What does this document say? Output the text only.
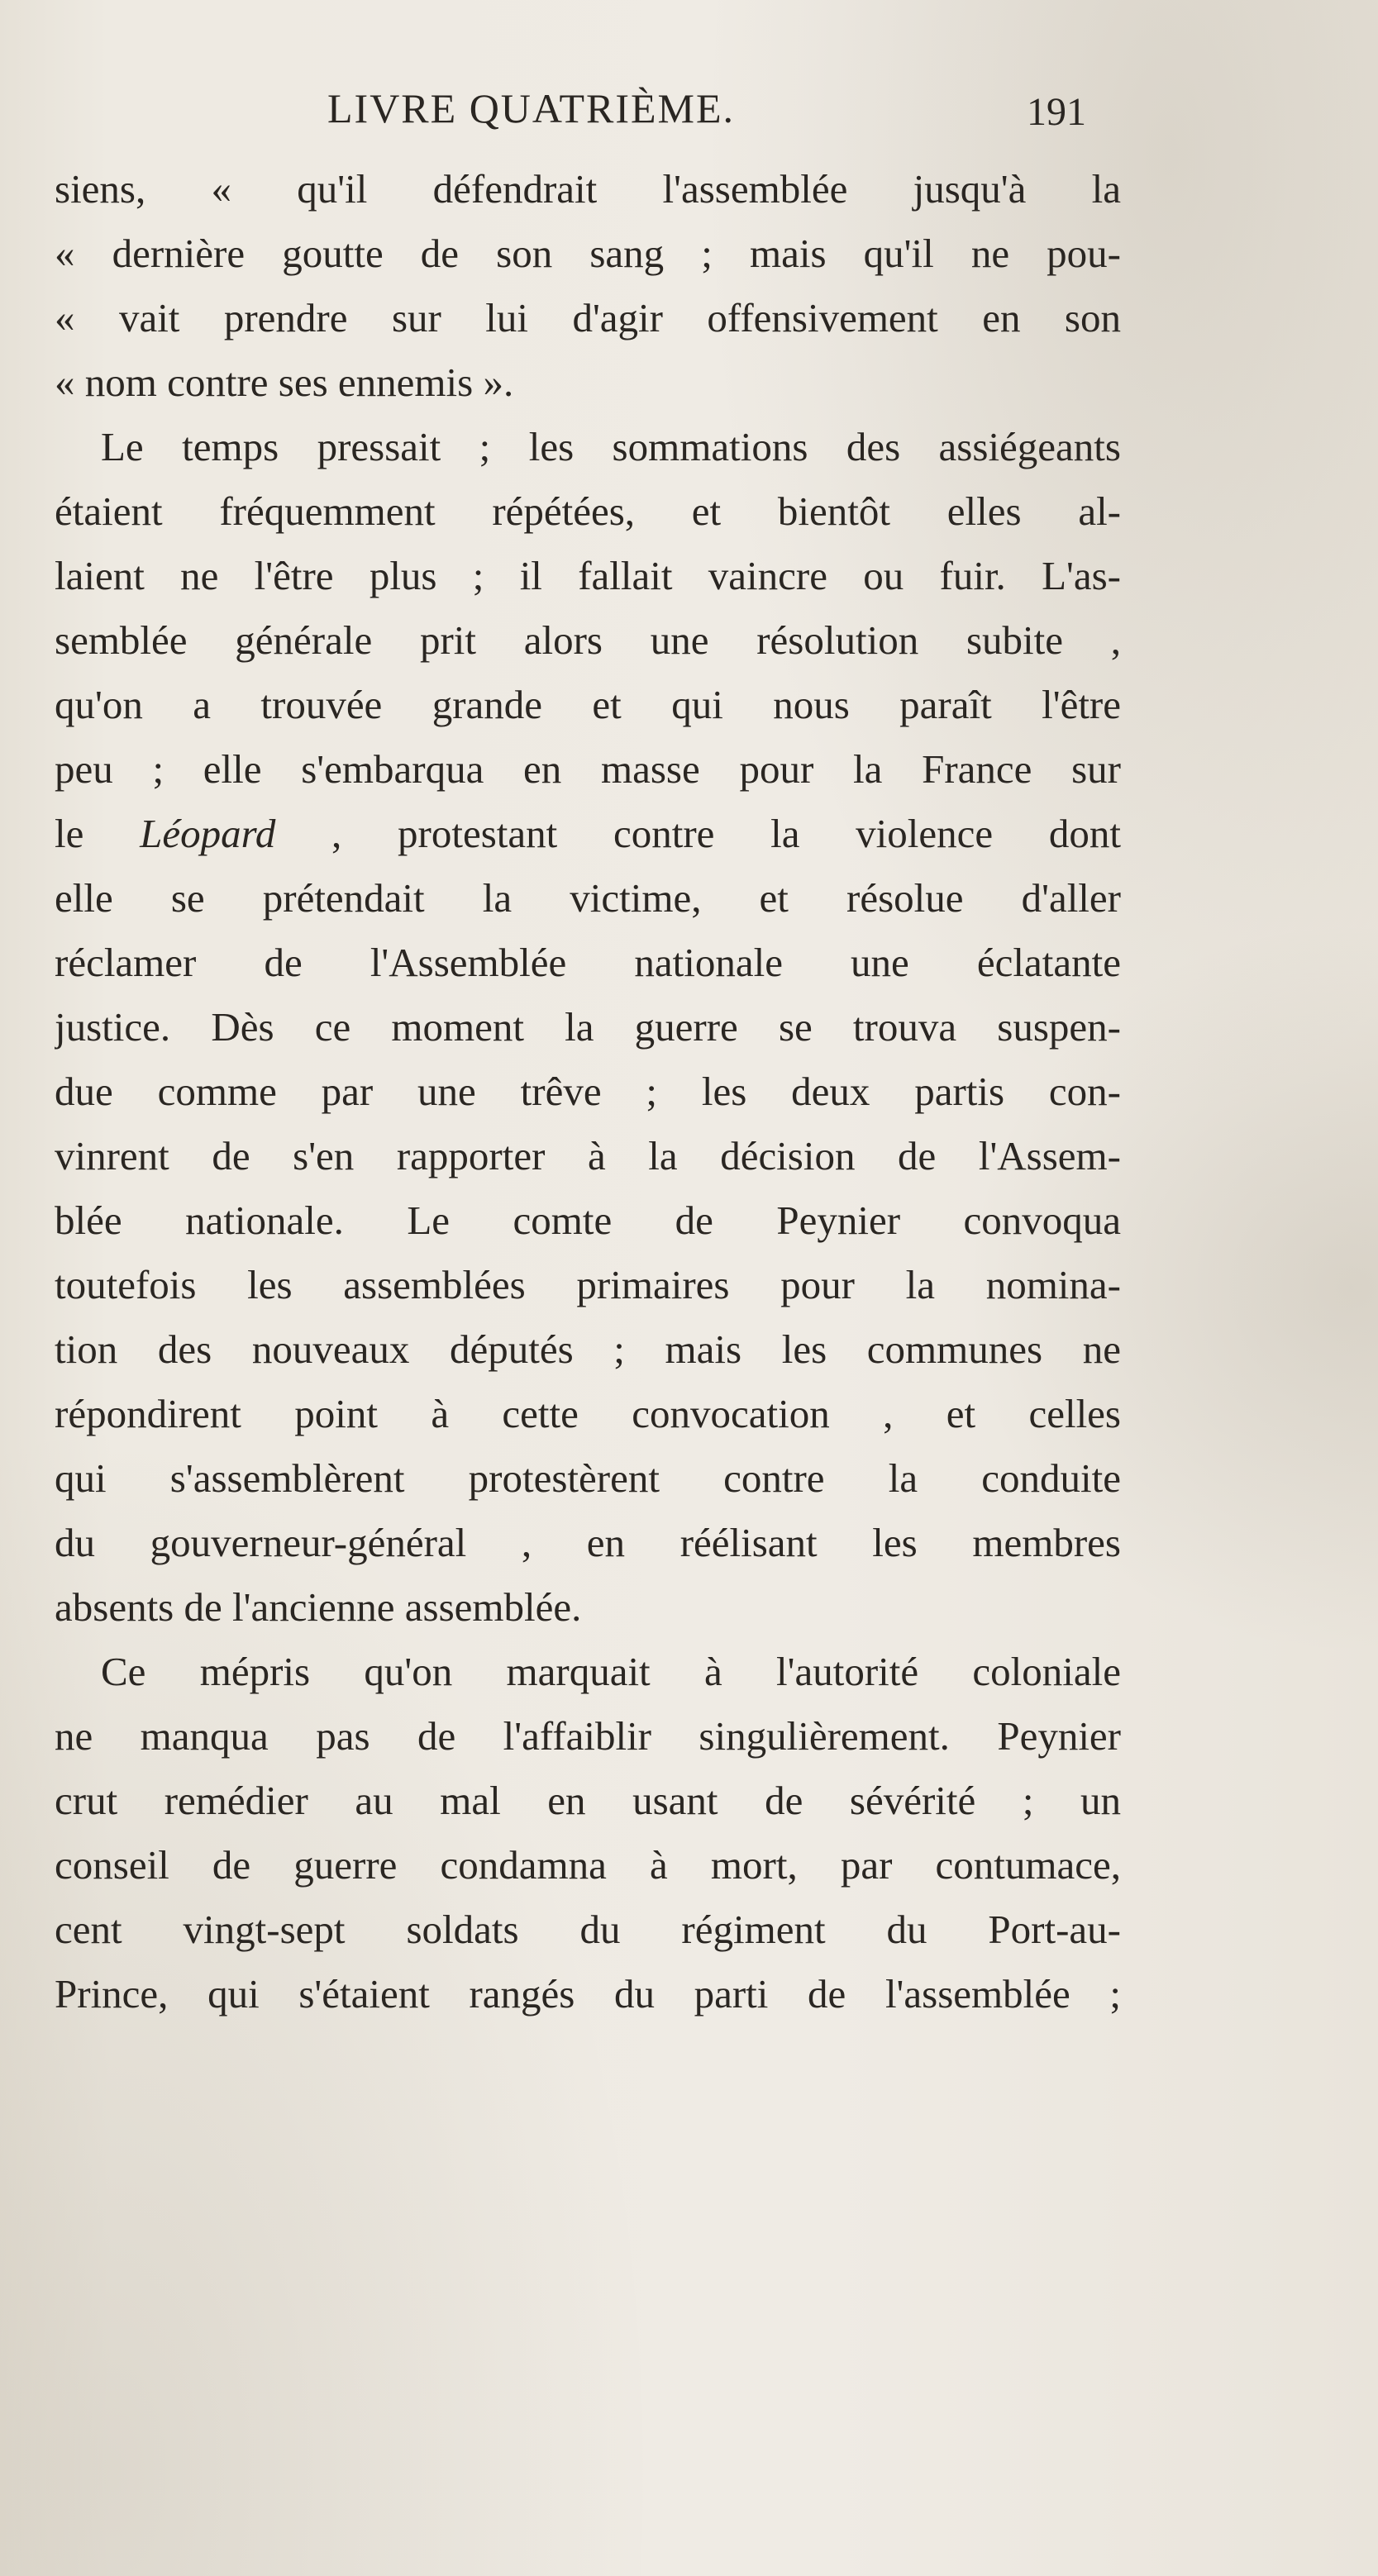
LIVRE QUATRIÈME.	191
siens, « qu'il défendrait l'assemblée jusqu'à la
« dernière goutte de son sang ; mais qu'il ne pou-
« vait prendre sur lui d'agir offensivement en son
« nom contre ses ennemis ».
Le temps pressait ; les sommations des assiégeants
étaient fréquemment répétées, et bientôt elles al-
laient ne l'être plus ; il fallait vaincre ou fuir. L'as-
semblée générale prit alors une résolution subite ,
qu'on a trouvée grande et qui nous paraît l'être
peu ; elle s'embarqua en masse pour la France sur
le Léopard , protestant contre la violence dont
elle se prétendait la victime, et résolue d'aller
réclamer de l'Assemblée nationale une éclatante
justice. Dès ce moment la guerre se trouva suspen-
due comme par une trêve ; les deux partis con-
vinrent de s'en rapporter à la décision de l'Assem-
blée nationale. Le comte de Peynier convoqua
toutefois les assemblées primaires pour la nomina-
tion des nouveaux députés ; mais les communes ne
répondirent point à cette convocation , et celles
qui s'assemblèrent protestèrent contre la conduite
du gouverneur-général , en réélisant les membres
absents de l'ancienne assemblée.
Ce mépris qu'on marquait à l'autorité coloniale
ne manqua pas de l'affaiblir singulièrement. Peynier
crut remédier au mal en usant de sévérité ; un
conseil de guerre condamna à mort, par contumace,
cent vingt-sept soldats du régiment du Port-au-
Prince, qui s'étaient rangés du parti de l'assemblée ;
